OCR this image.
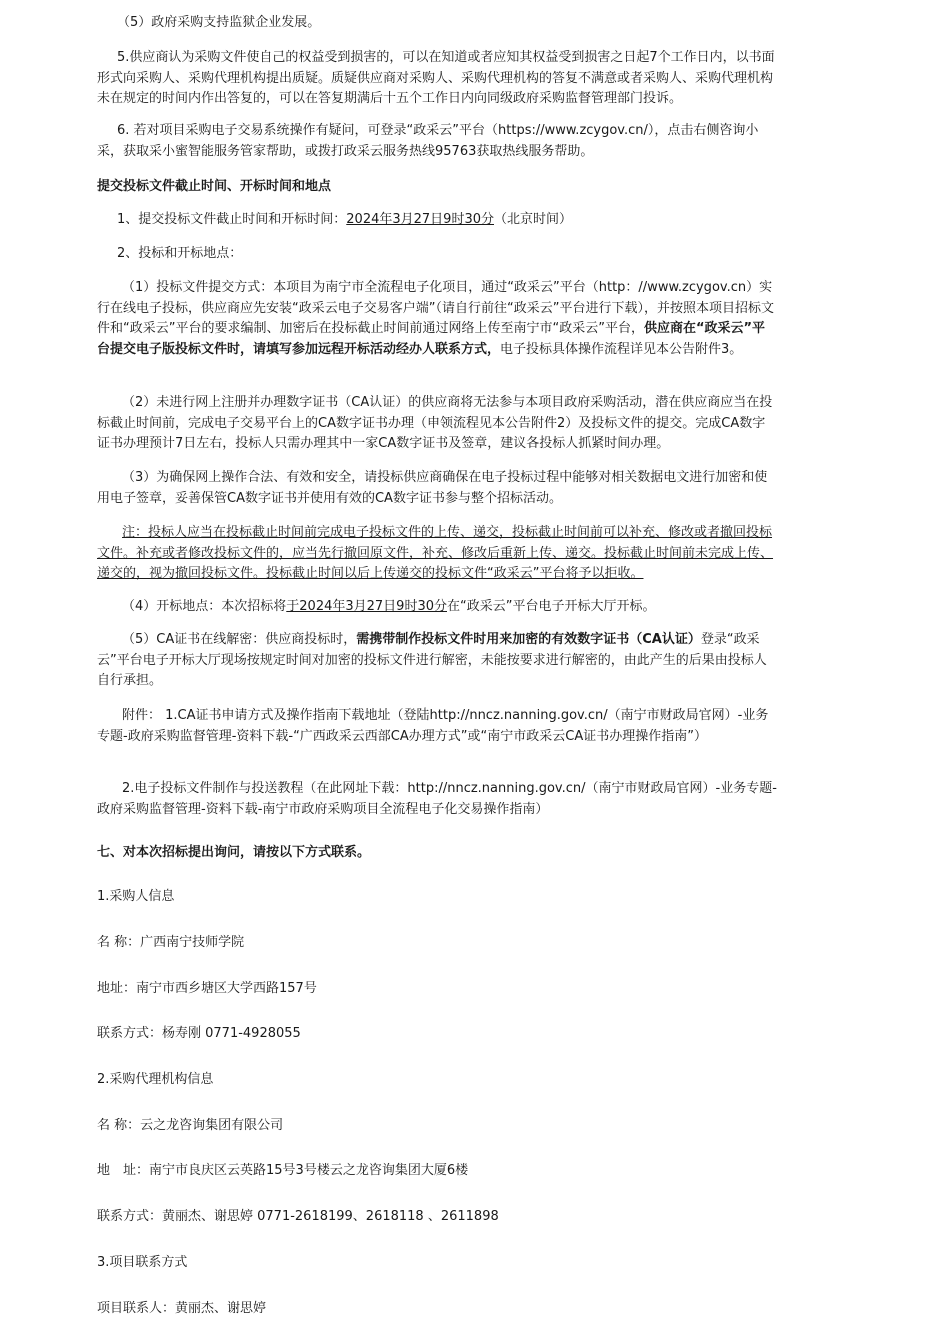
（5）政府采购支持监狱企业发展。

5.供应商认为采购文件使自己的权益受到损害的，可以在知道或者应知其权益受到损害之日起7个工作日内，以书面形式向采购人、采购代理机构提出质疑。质疑供应商对采购人、采购代理机构的答复不满意或者采购人、采购代理机构未在规定的时间内作出答复的，可以在答复期满后十五个工作日内向同级政府采购监督管理部门投诉。

6. 若对项目采购电子交易系统操作有疑问，可登录“政采云”平台（https://www.zcygov.cn/），点击右侧咨询小采，获取采小蜜智能服务管家帮助，或拨打政采云服务热线95763获取热线服务帮助。

提交投标文件截止时间、开标时间和地点

1、提交投标文件截止时间和开标时间：2024年3月27日9时30分（北京时间）

2、投标和开标地点：

（1）投标文件提交方式：本项目为南宁市全流程电子化项目，通过“政采云”平台（http：//www.zcygov.cn）实行在线电子投标，供应商应先安装“政采云电子交易客户端”（请自行前往“政采云”平台进行下载），并按照本项目招标文件和“政采云”平台的要求编制、加密后在投标截止时间前通过网络上传至南宁市“政采云”平台，供应商在“政采云”平台提交电子版投标文件时，请填写参加远程开标活动经办人联系方式，电子投标具体操作流程详见本公告附件3。

（2）未进行网上注册并办理数字证书（CA认证）的供应商将无法参与本项目政府采购活动，潜在供应商应当在投标截止时间前，完成电子交易平台上的CA数字证书办理（申领流程见本公告附件2）及投标文件的提交。完成CA数字证书办理预计7日左右，投标人只需办理其中一家CA数字证书及签章，建议各投标人抓紧时间办理。

（3）为确保网上操作合法、有效和安全，请投标供应商确保在电子投标过程中能够对相关数据电文进行加密和使用电子签章，妥善保管CA数字证书并使用有效的CA数字证书参与整个招标活动。

注：投标人应当在投标截止时间前完成电子投标文件的上传、递交，投标截止时间前可以补充、修改或者撤回投标文件。补充或者修改投标文件的，应当先行撤回原文件，补充、修改后重新上传、递交。投标截止时间前未完成上传、递交的，视为撤回投标文件。投标截止时间以后上传递交的投标文件“政采云”平台将予以拒收。

（4）开标地点：本次招标将于2024年3月27日9时30分在“政采云”平台电子开标大厅开标。

（5）CA证书在线解密：供应商投标时，需携带制作投标文件时用来加密的有效数字证书（CA认证）登录“政采云”平台电子开标大厅现场按规定时间对加密的投标文件进行解密，未能按要求进行解密的，由此产生的后果由投标人自行承担。

附件： 1.CA证书申请方式及操作指南下载地址（登陆http://nncz.nanning.gov.cn/（南宁市财政局官网）-业务专题-政府采购监督管理-资料下载-“广西政采云西部CA办理方式”或“南宁市政采云CA证书办理操作指南”）

2.电子投标文件制作与投送教程（在此网址下载：http://nncz.nanning.gov.cn/（南宁市财政局官网）-业务专题-政府采购监督管理-资料下载-南宁市政府采购项目全流程电子化交易操作指南）

七、对本次招标提出询问，请按以下方式联系。

1.采购人信息

名 称：广西南宁技师学院

地址：南宁市西乡塘区大学西路157号

联系方式：杨寿刚 0771-4928055

2.采购代理机构信息

名 称：云之龙咨询集团有限公司

地　址：南宁市良庆区云英路15号3号楼云之龙咨询集团大厦6楼

联系方式：黄丽杰、谢思婷 0771-2618199、2618118 、2611898

3.项目联系方式

项目联系人：黄丽杰、谢思婷
